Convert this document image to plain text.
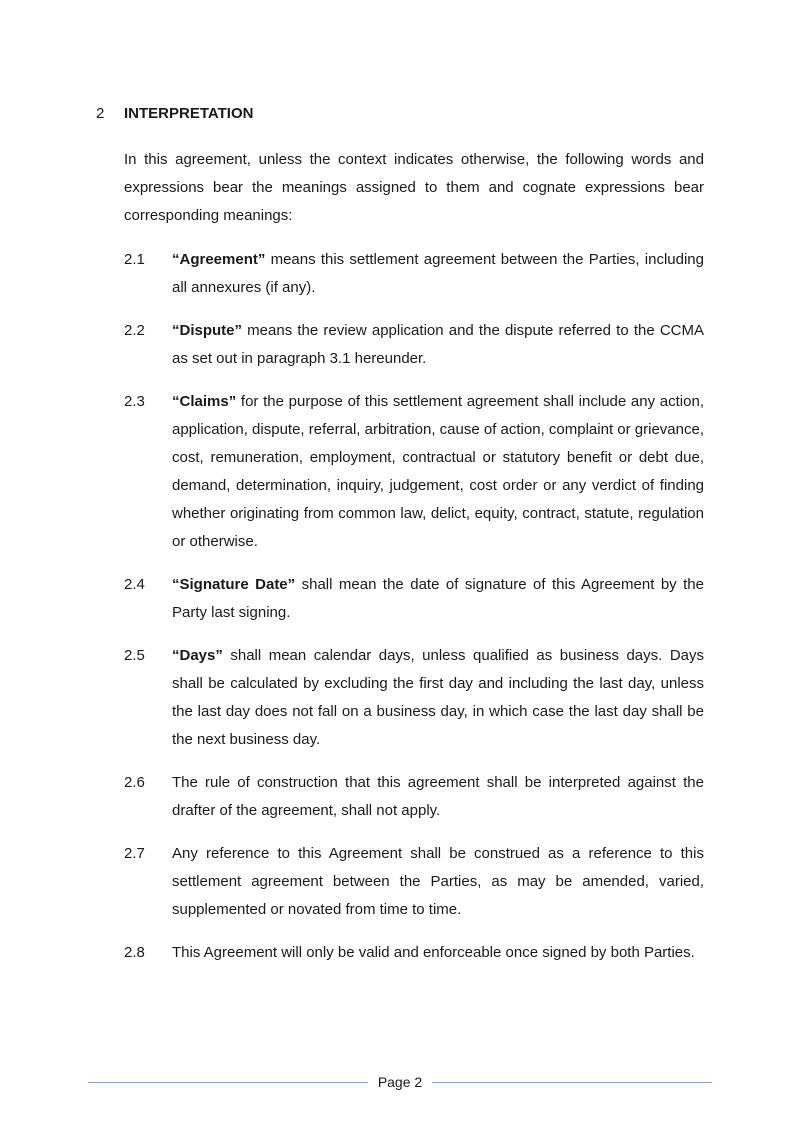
2	INTERPRETATION

In this agreement, unless the context indicates otherwise, the following words and expressions bear the meanings assigned to them and cognate expressions bear corresponding meanings:

2.1	“Agreement” means this settlement agreement between the Parties, including all annexures (if any).
2.2	“Dispute” means the review application and the dispute referred to the CCMA as set out in paragraph 3.1 hereunder.
2.3	“Claims” for the purpose of this settlement agreement shall include any action, application, dispute, referral, arbitration, cause of action, complaint or grievance, cost, remuneration, employment, contractual or statutory benefit or debt due, demand, determination, inquiry, judgement, cost order or any verdict of finding whether originating from common law, delict, equity, contract, statute, regulation or otherwise.
2.4	“Signature Date” shall mean the date of signature of this Agreement by the Party last signing.
2.5	“Days” shall mean calendar days, unless qualified as business days. Days shall be calculated by excluding the first day and including the last day, unless the last day does not fall on a business day, in which case the last day shall be the next business day.
2.6	The rule of construction that this agreement shall be interpreted against the drafter of the agreement, shall not apply.
2.7	Any reference to this Agreement shall be construed as a reference to this settlement agreement between the Parties, as may be amended, varied, supplemented or novated from time to time.
2.8	This Agreement will only be valid and enforceable once signed by both Parties.
Page 2
